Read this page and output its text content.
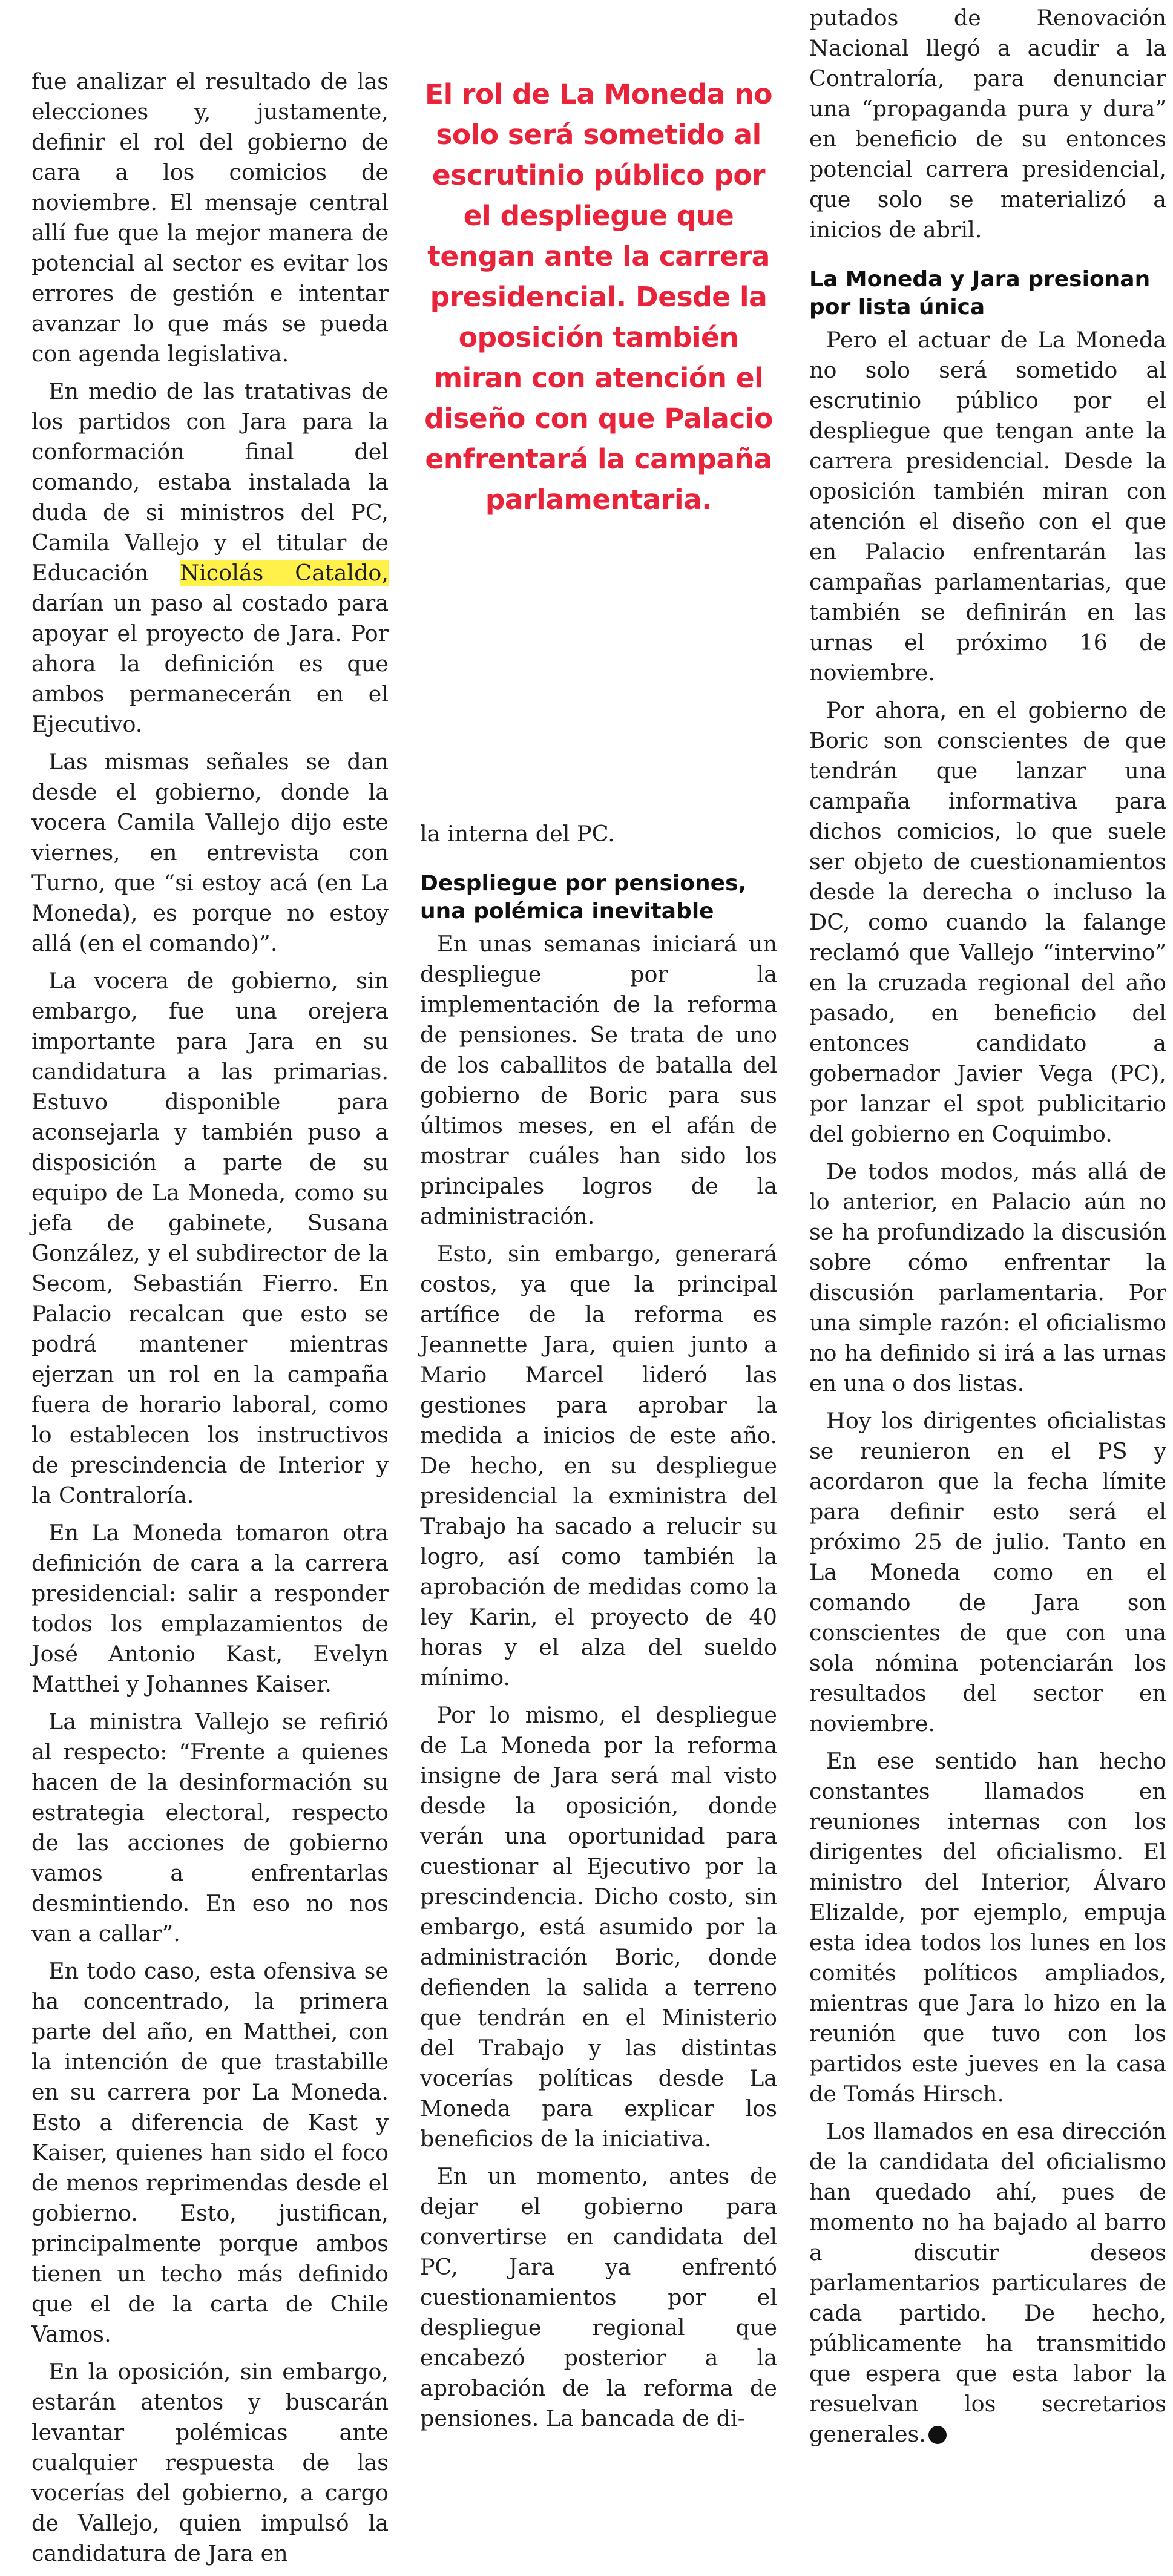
fue analizar el resultado de las elecciones y, justamente, definir el rol del gobierno de cara a los comicios de noviembre. El mensaje central allí fue que la mejor manera de potencial al sector es evitar los errores de gestión e intentar avanzar lo que más se pueda con agenda legislativa.

En medio de las tratativas de los partidos con Jara para la conformación final del comando, estaba instalada la duda de si ministros del PC, Camila Vallejo y el titular de Educación Nicolás Cataldo, darían un paso al costado para apoyar el proyecto de Jara. Por ahora la definición es que ambos permanecerán en el Ejecutivo.

Las mismas señales se dan desde el gobierno, donde la vocera Camila Vallejo dijo este viernes, en entrevista con Turno, que “si estoy acá (en La Moneda), es porque no estoy allá (en el comando)”.

La vocera de gobierno, sin embargo, fue una orejera importante para Jara en su candidatura a las primarias. Estuvo disponible para aconsejarla y también puso a disposición a parte de su equipo de La Moneda, como su jefa de gabinete, Susana González, y el subdirector de la Secom, Sebastián Fierro. En Palacio recalcan que esto se podrá mantener mientras ejerzan un rol en la campaña fuera de horario laboral, como lo establecen los instructivos de prescindencia de Interior y la Contraloría.

En La Moneda tomaron otra definición de cara a la carrera presidencial: salir a responder todos los emplazamientos de José Antonio Kast, Evelyn Matthei y Johannes Kaiser.

La ministra Vallejo se refirió al respecto: “Frente a quienes hacen de la desinformación su estrategia electoral, respecto de las acciones de gobierno vamos a enfrentarlas desmintiendo. En eso no nos van a callar”.

En todo caso, esta ofensiva se ha concentrado, la primera parte del año, en Matthei, con la intención de que trastabille en su carrera por La Moneda. Esto a diferencia de Kast y Kaiser, quienes han sido el foco de menos reprimendas desde el gobierno. Esto, justifican, principalmente porque ambos tienen un techo más definido que el de la carta de Chile Vamos.

En la oposición, sin embargo, estarán atentos y buscarán levantar polémicas ante cualquier respuesta de las vocerías del gobierno, a cargo de Vallejo, quien impulsó la candidatura de Jara en

El rol de La Moneda no solo será sometido al escrutinio público por el despliegue que tengan ante la carrera presidencial. Desde la oposición también miran con atención el diseño con que Palacio enfrentará la campaña parlamentaria.

la interna del PC.

Despliegue por pensiones, una polémica inevitable

En unas semanas iniciará un despliegue por la implementación de la reforma de pensiones. Se trata de uno de los caballitos de batalla del gobierno de Boric para sus últimos meses, en el afán de mostrar cuáles han sido los principales logros de la administración.

Esto, sin embargo, generará costos, ya que la principal artífice de la reforma es Jeannette Jara, quien junto a Mario Marcel lideró las gestiones para aprobar la medida a inicios de este año. De hecho, en su despliegue presidencial la exministra del Trabajo ha sacado a relucir su logro, así como también la aprobación de medidas como la ley Karin, el proyecto de 40 horas y el alza del sueldo mínimo.

Por lo mismo, el despliegue de La Moneda por la reforma insigne de Jara será mal visto desde la oposición, donde verán una oportunidad para cuestionar al Ejecutivo por la prescindencia. Dicho costo, sin embargo, está asumido por la administración Boric, donde defienden la salida a terreno que tendrán en el Ministerio del Trabajo y las distintas vocerías políticas desde La Moneda para explicar los beneficios de la iniciativa.

En un momento, antes de dejar el gobierno para convertirse en candidata del PC, Jara ya enfrentó cuestionamientos por el despliegue regional que encabezó posterior a la aprobación de la reforma de pensiones. La bancada de di-

putados de Renovación Nacional llegó a acudir a la Contraloría, para denunciar una “propaganda pura y dura” en beneficio de su entonces potencial carrera presidencial, que solo se materializó a inicios de abril.

La Moneda y Jara presionan por lista única

Pero el actuar de La Moneda no solo será sometido al escrutinio público por el despliegue que tengan ante la carrera presidencial. Desde la oposición también miran con atención el diseño con el que en Palacio enfrentarán las campañas parlamentarias, que también se definirán en las urnas el próximo 16 de noviembre.

Por ahora, en el gobierno de Boric son conscientes de que tendrán que lanzar una campaña informativa para dichos comicios, lo que suele ser objeto de cuestionamientos desde la derecha o incluso la DC, como cuando la falange reclamó que Vallejo “intervino” en la cruzada regional del año pasado, en beneficio del entonces candidato a gobernador Javier Vega (PC), por lanzar el spot publicitario del gobierno en Coquimbo.

De todos modos, más allá de lo anterior, en Palacio aún no se ha profundizado la discusión sobre cómo enfrentar la discusión parlamentaria. Por una simple razón: el oficialismo no ha definido si irá a las urnas en una o dos listas.

Hoy los dirigentes oficialistas se reunieron en el PS y acordaron que la fecha límite para definir esto será el próximo 25 de julio. Tanto en La Moneda como en el comando de Jara son conscientes de que con una sola nómina potenciarán los resultados del sector en noviembre.

En ese sentido han hecho constantes llamados en reuniones internas con los dirigentes del oficialismo. El ministro del Interior, Álvaro Elizalde, por ejemplo, empuja esta idea todos los lunes en los comités políticos ampliados, mientras que Jara lo hizo en la reunión que tuvo con los partidos este jueves en la casa de Tomás Hirsch.

Los llamados en esa dirección de la candidata del oficialismo han quedado ahí, pues de momento no ha bajado al barro a discutir deseos parlamentarios particulares de cada partido. De hecho, públicamente ha transmitido que espera que esta labor la resuelvan los secretarios generales.
